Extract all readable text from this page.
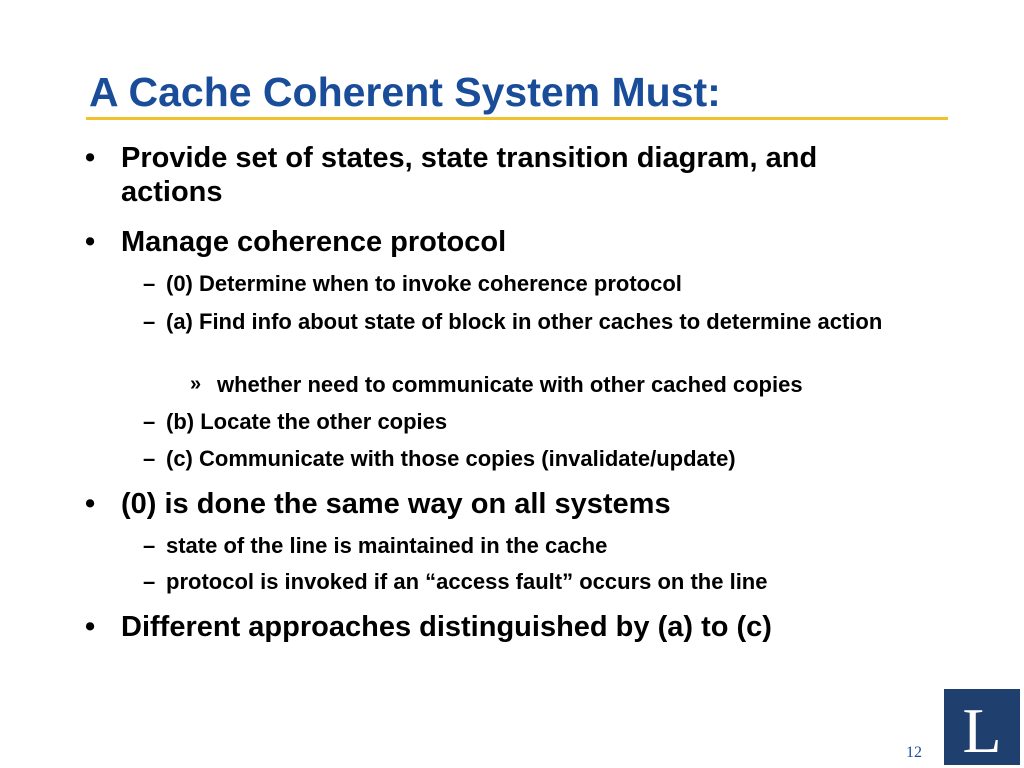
A Cache Coherent System Must:
• Provide set of states, state transition diagram, and actions
• Manage coherence protocol
– (0) Determine when to invoke coherence protocol
– (a) Find info about state of block in other caches to determine action
» whether need to communicate with other cached copies
– (b) Locate the other copies
– (c) Communicate with those copies (invalidate/update)
• (0) is done the same way on all systems
– state of the line is maintained in the cache
– protocol is invoked if an “access fault” occurs on the line
• Different approaches distinguished by (a) to (c)
L
12
